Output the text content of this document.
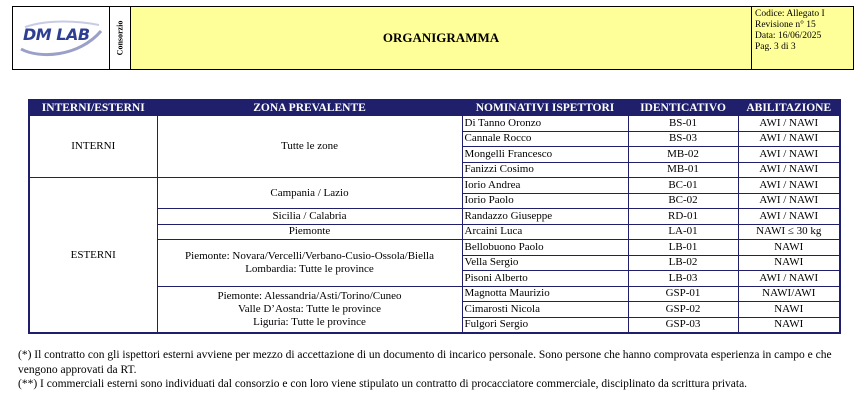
DM LAB	Consorzio	ORGANIGRAMMA
Codice: Allegato I
Revisione n° 15
Data: 16/06/2025
Pag. 3 di 3
INTERNI/ESTERNI	ZONA PREVALENTE	NOMINATIVI ISPETTORI	IDENTICATIVO	ABILITAZIONE
INTERNI	Tutte le zone	Di Tanno Oronzo	BS-01	AWI / NAWI
		Cannale Rocco	BS-03	AWI / NAWI
		Mongelli Francesco	MB-02	AWI / NAWI
		Fanizzi Cosimo	MB-01	AWI / NAWI
ESTERNI	Campania / Lazio	Iorio Andrea	BC-01	AWI / NAWI
		Iorio Paolo	BC-02	AWI / NAWI
	Sicilia / Calabria	Randazzo Giuseppe	RD-01	AWI / NAWI
	Piemonte	Arcaini Luca	LA-01	NAWI ≤ 30 kg

	Piemonte: Novara/Vercelli/Verbano-Cusio-Ossola/Biella
Lombardia: Tutte le province	Bellobuono Paolo	LB-01	NAWI
		Vella Sergio	LB-02	NAWI
		Pisoni Alberto	LB-03	AWI / NAWI

	Piemonte: Alessandria/Asti/Torino/Cuneo
Valle D’Aosta: Tutte le province
Liguria: Tutte le province	Magnotta Maurizio	GSP-01	NAWI/AWI
		Cimarosti Nicola	GSP-02	NAWI
		Fulgori Sergio	GSP-03	NAWI

(*) Il contratto con gli ispettori esterni avviene per mezzo di accettazione di un documento di incarico personale. Sono persone che hanno comprovata esperienza in campo e che vengono approvati da RT.

(**) I commerciali esterni sono individuati dal consorzio e con loro viene stipulato un contratto di procacciatore commerciale, disciplinato da scrittura privata.
